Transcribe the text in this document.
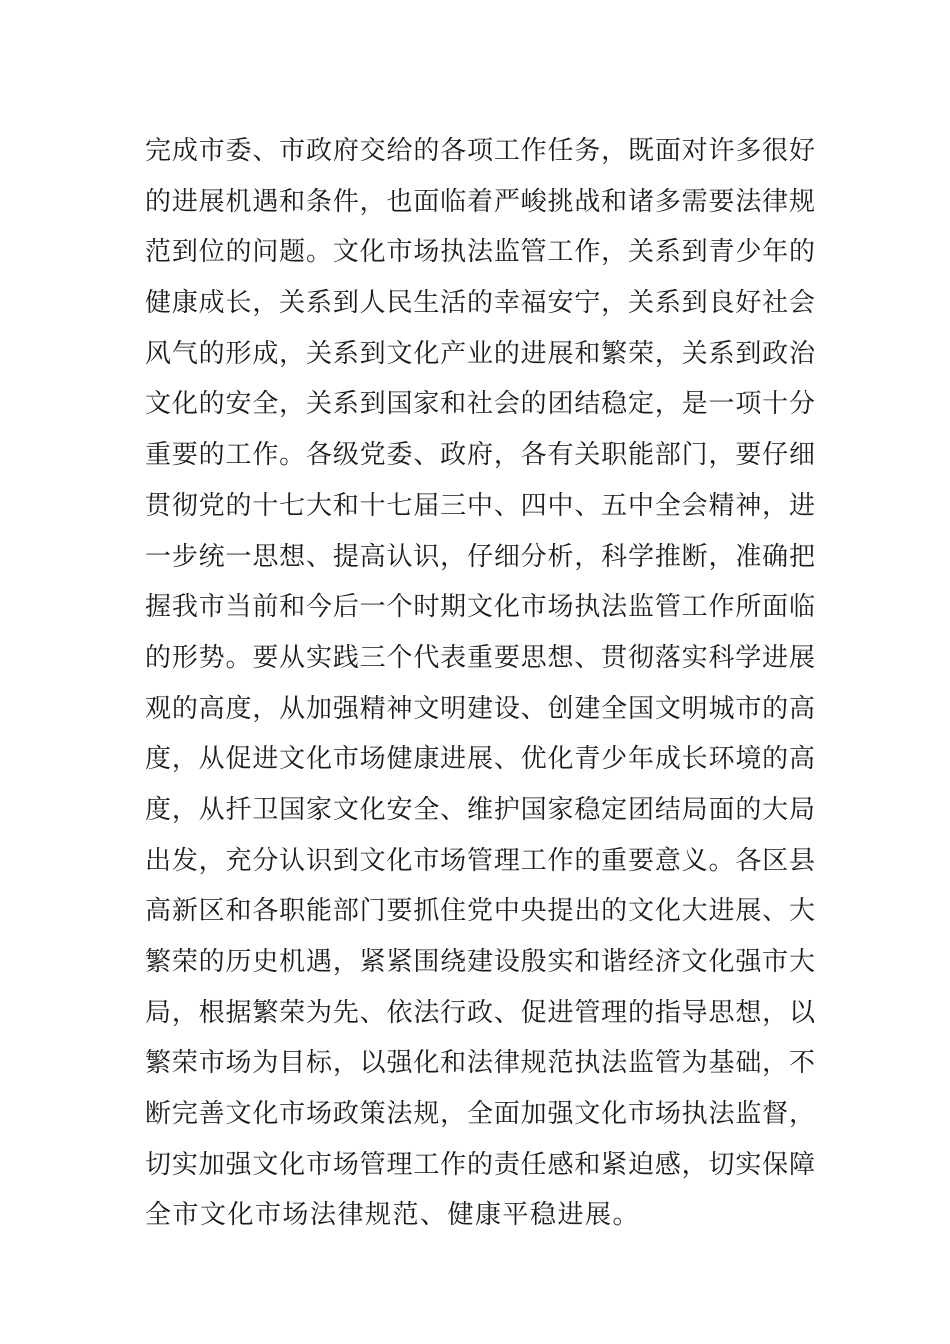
完成市委、市政府交给的各项工作任务，既面对许多很好
的进展机遇和条件，也面临着严峻挑战和诸多需要法律规
范到位的问题。文化市场执法监管工作，关系到青少年的
健康成长，关系到人民生活的幸福安宁，关系到良好社会
风气的形成，关系到文化产业的进展和繁荣，关系到政治
文化的安全，关系到国家和社会的团结稳定，是一项十分
重要的工作。各级党委、政府，各有关职能部门，要仔细
贯彻党的十七大和十七届三中、四中、五中全会精神，进
一步统一思想、提高认识，仔细分析，科学推断，准确把
握我市当前和今后一个时期文化市场执法监管工作所面临
的形势。要从实践三个代表重要思想、贯彻落实科学进展
观的高度，从加强精神文明建设、创建全国文明城市的高
度，从促进文化市场健康进展、优化青少年成长环境的高
度，从扦卫国家文化安全、维护国家稳定团结局面的大局
出发，充分认识到文化市场管理工作的重要意义。各区县
高新区和各职能部门要抓住党中央提出的文化大进展、大
繁荣的历史机遇，紧紧围绕建设殷实和谐经济文化强市大
局，根据繁荣为先、依法行政、促进管理的指导思想，以
繁荣市场为目标，以强化和法律规范执法监管为基础，不
断完善文化市场政策法规，全面加强文化市场执法监督，
切实加强文化市场管理工作的责任感和紧迫感，切实保障
全市文化市场法律规范、健康平稳进展。
